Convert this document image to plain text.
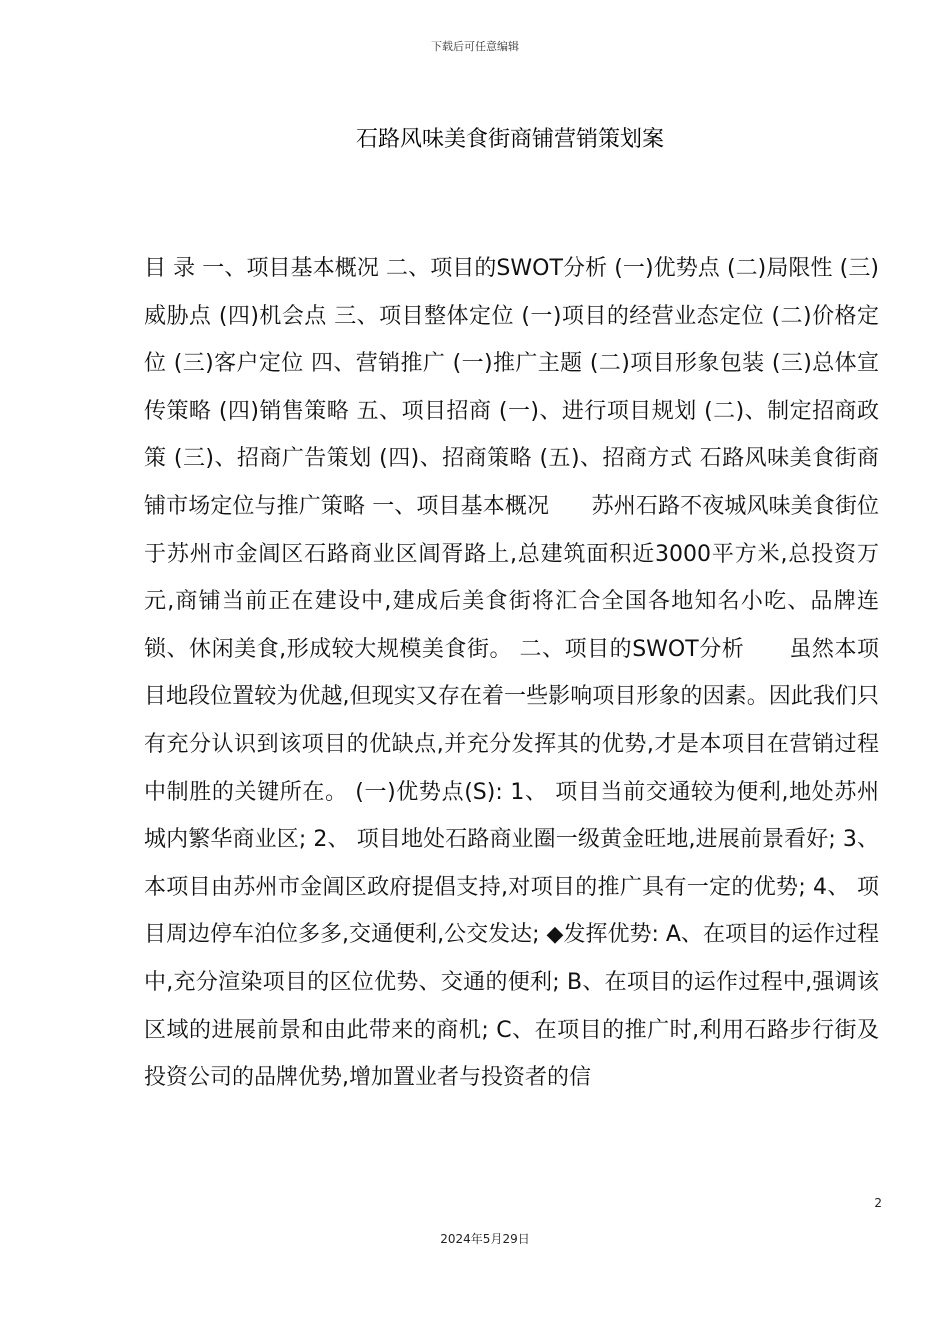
下载后可任意编辑
石路风味美食街商铺营销策划案

目 录 一、项目基本概况 二、项目的SWOT分析 (一)优势点 (二)局限性 (三)威胁点 (四)机会点 三、项目整体定位 (一)项目的经营业态定位 (二)价格定位 (三)客户定位 四、营销推广 (一)推广主题 (二)项目形象包装 (三)总体宣传策略 (四)销售策略 五、项目招商 (一)、进行项目规划 (二)、制定招商政策 (三)、招商广告策划 (四)、招商策略 (五)、招商方式 石路风味美食街商铺市场定位与推广策略 一、项目基本概况      苏州石路不夜城风味美食街位于苏州市金阊区石路商业区阊胥路上,总建筑面积近3000平方米,总投资万元,商铺当前正在建设中,建成后美食街将汇合全国各地知名小吃、品牌连锁、休闲美食,形成较大规模美食街。 二、项目的SWOT分析      虽然本项目地段位置较为优越,但现实又存在着一些影响项目形象的因素。因此我们只有充分认识到该项目的优缺点,并充分发挥其的优势,才是本项目在营销过程中制胜的关键所在。 (一)优势点(S): 1、 项目当前交通较为便利,地处苏州城内繁华商业区; 2、 项目地处石路商业圈一级黄金旺地,进展前景看好; 3、 本项目由苏州市金阊区政府提倡支持,对项目的推广具有一定的优势; 4、 项目周边停车泊位多多,交通便利,公交发达; ◆发挥优势: A、在项目的运作过程中,充分渲染项目的区位优势、交通的便利; B、在项目的运作过程中,强调该区域的进展前景和由此带来的商机; C、在项目的推广时,利用石路步行街及投资公司的品牌优势,增加置业者与投资者的信

2
2024年5月29日
